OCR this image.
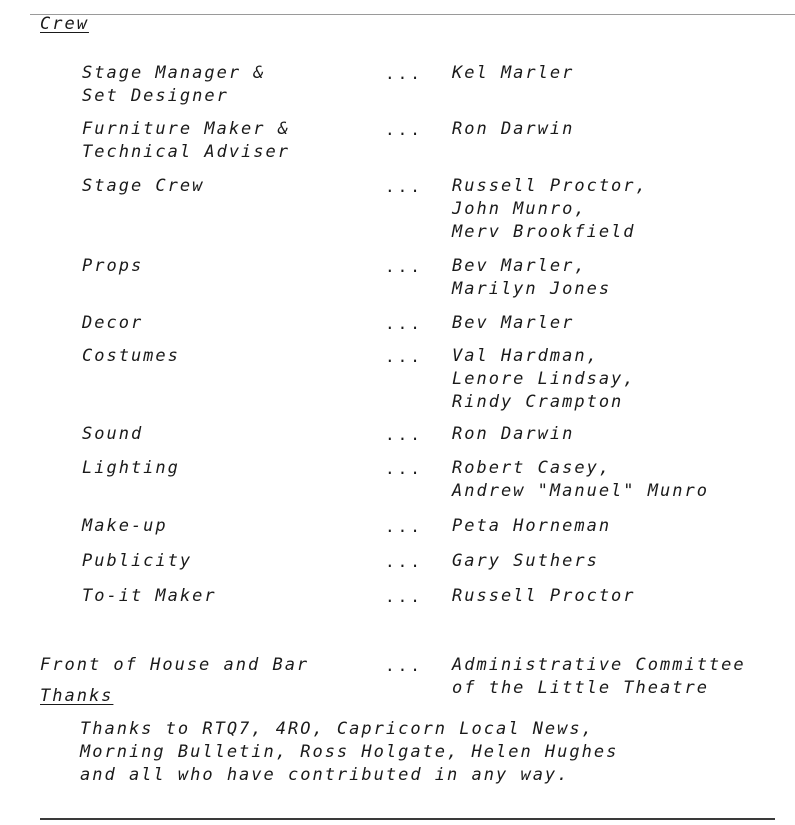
Crew
Stage Manager &
Set Designer
... Kel Marler
Furniture Maker &
Technical Adviser
... Ron Darwin
Stage Crew	... Russell Proctor,
John Munro,
Merv Brookfield
Props	... Bev Marler,
Marilyn Jones
Decor	... Bev Marler
Costumes	... Val Hardman,
Lenore Lindsay,
Rindy Crampton
Sound	... Ron Darwin
Lighting	... Robert Casey,
Andrew "Manuel" Munro
Make-up	... Peta Horneman
Publicity	... Gary Suthers
To-it Maker	... Russell Proctor
Front of House and Bar	... Administrative Committee
of the Little Theatre
Thanks
Thanks to RTQ7, 4RO, Capricorn Local News,
Morning Bulletin, Ross Holgate, Helen Hughes
and all who have contributed in any way.
